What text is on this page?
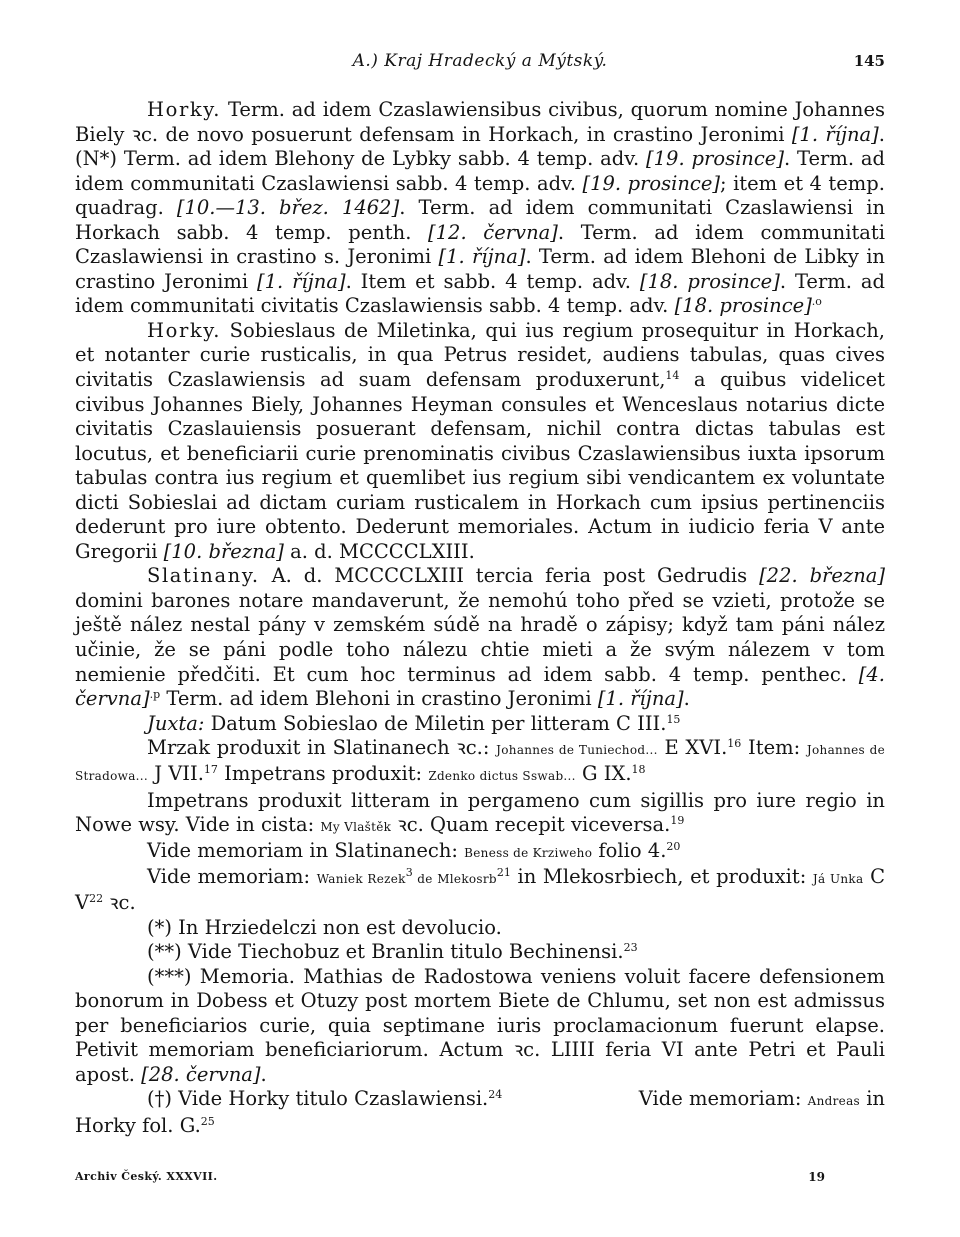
A.) Kraj Hradecký a Mýtský.	145

Horky. Term. ad idem Czaslawiensibus civibus, quorum nomine Johannes Biely ꝛc. de novo posuerunt defensam in Horkach, in crastino Jeronimi [1. října]. (N*) Term. ad idem Blehony de Lybky sabb. 4 temp. adv. [19. prosince]. Term. ad idem communitati Czaslawiensi sabb. 4 temp. adv. [19. prosince]; item et 4 temp. quadrag. [10.—13. břez. 1462]. Term. ad idem communitati Czaslawiensi in Horkach sabb. 4 temp. penth. [12. června]. Term. ad idem communitati Czaslawiensi in crastino s. Jeronimi [1. října]. Term. ad idem Blehoni de Libky in crastino Jeronimi [1. října]. Item et sabb. 4 temp. adv. [18. prosince]. Term. ad idem communitati civitatis Czaslawiensis sabb. 4 temp. adv. [18. prosince]$^{.o}$

Horky. Sobieslaus de Miletinka, qui ius regium prosequitur in Horkach, et notanter curie rusticalis, in qua Petrus residet, audiens tabulas, quas cives civitatis Czaslawiensis ad suam defensam produxerunt,$^{14}$ a quibus videlicet civibus Johannes Biely, Johannes Heyman consules et Wenceslaus notarius dicte civitatis Czaslauiensis posuerant defensam, nichil contra dictas tabulas est locutus, et beneficiarii curie prenominatis civibus Czaslawiensibus iuxta ipsorum tabulas contra ius regium et quemlibet ius regium sibi vendicantem ex voluntate dicti Sobieslai ad dictam curiam rusticalem in Horkach cum ipsius pertinenciis dederunt pro iure obtento. Dederunt memoriales. Actum in iudicio feria V ante Gregorii [10. března] a. d. MCCCCLXIII.

Slatinany. A. d. MCCCCLXIII tercia feria post Gedrudis [22. března] domini barones notare mandaverunt, že nemohú toho před se vzieti, protože se ještě nález nestal pány v zemském súdě na hradě o zápisy; když tam páni nález učinie, že se páni podle toho nálezu chtie mieti a že svým nálezem v tom nemienie předčiti. Et cum hoc terminus ad idem sabb. 4 temp. penthec. [4. června]$^{.p}$ Term. ad idem Blehoni in crastino Jeronimi [1. října].

Juxta: Datum Sobieslao de Miletin per litteram C III.$^{15}$

Mrzak produxit in Slatinanech ꝛc.: Johannes de Tuniechod... E XVI.$^{16}$ Item: Johannes de Stradowa... J VII.$^{17}$ Impetrans produxit: Zdenko dictus Sswab... G IX.$^{18}$

Impetrans produxit litteram in pergameno cum sigillis pro iure regio in Nowe wsy. Vide in cista: My Vlaštěk ꝛc. Quam recepit viceversa.$^{19}$

Vide memoriam in Slatinanech: Beness de Krziweho folio 4.20

Vide memoriam: Waniek Rezek$^3$ de Mlekosrb$^{21}$ in Mlekosrbiech, et produxit: Já Unka C $V^{22}$ ꝛc.

(*) In Hrziedelczi non est devolucio.

(**) Vide Tiechobuz et Branlin titulo Bechinensi.$^{23}$

(***) Memoria. Mathias de Radostowa veniens voluit facere defensionem bonorum in Dobess et Otuzy post mortem Biete de Chlumu, set non est admissus per beneficiarios curie, quia septimane iuris proclamacionum fuerunt elapse. Petivit memoriam beneficiariorum. Actum ꝛc. LIIII feria VI ante Petri et Pauli apost. [28. června].

(†) Vide Horky titulo Czaslawiensi.$^{24}$	Vide memoriam: Andreas in

Horky fol. G.$^{25}$

Archiv Český. XXXVII.	19
